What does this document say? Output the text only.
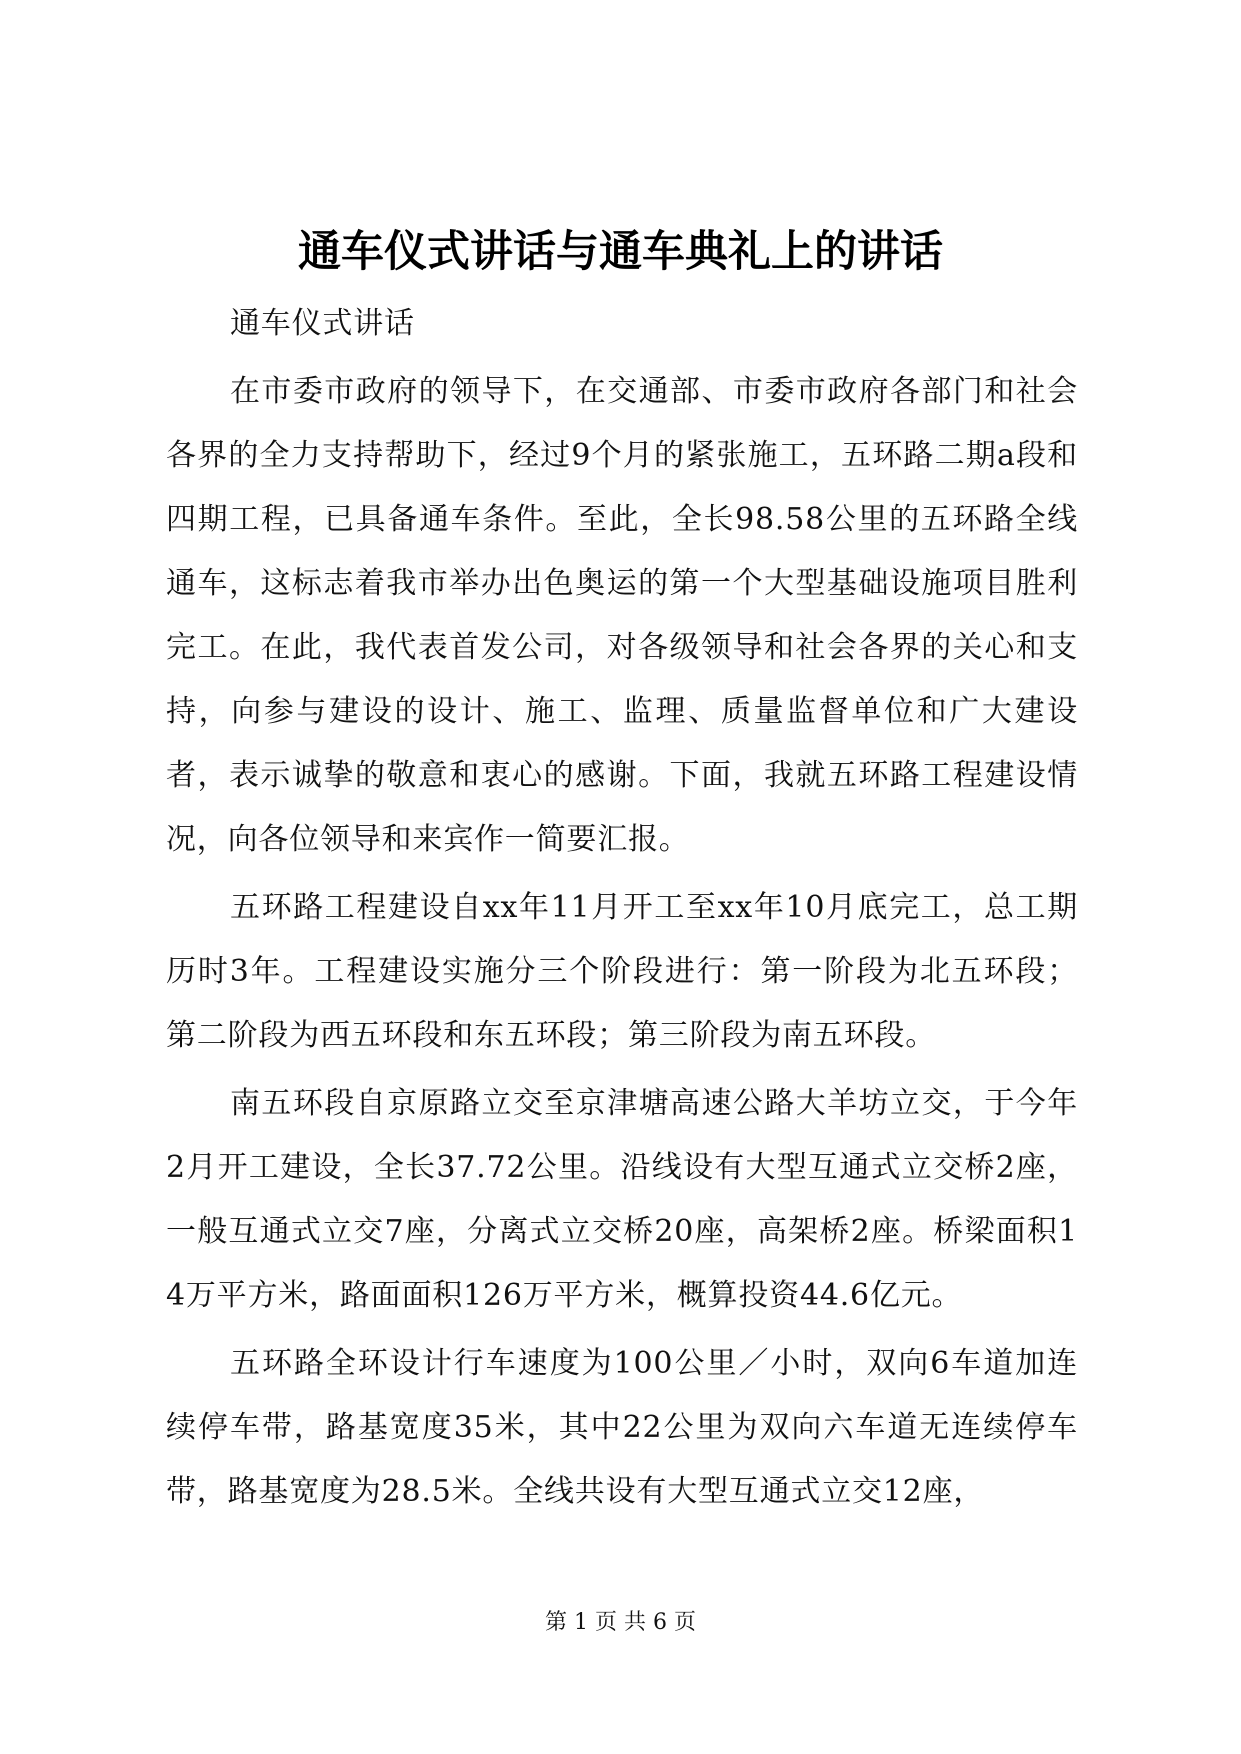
通车仪式讲话与通车典礼上的讲话

通车仪式讲话

在市委市政府的领导下，在交通部、市委市政府各部门和社会各界的全力支持帮助下，经过9个月的紧张施工，五环路二期a段和四期工程，已具备通车条件。至此，全长98.58公里的五环路全线通车，这标志着我市举办出色奥运的第一个大型基础设施项目胜利完工。在此，我代表首发公司，对各级领导和社会各界的关心和支持，向参与建设的设计、施工、监理、质量监督单位和广大建设者，表示诚挚的敬意和衷心的感谢。下面，我就五环路工程建设情况，向各位领导和来宾作一简要汇报。

五环路工程建设自xx年11月开工至xx年10月底完工，总工期历时3年。工程建设实施分三个阶段进行：第一阶段为北五环段；第二阶段为西五环段和东五环段；第三阶段为南五环段。

南五环段自京原路立交至京津塘高速公路大羊坊立交，于今年2月开工建设，全长37.72公里。沿线设有大型互通式立交桥2座，一般互通式立交7座，分离式立交桥20座，高架桥2座。桥梁面积14万平方米，路面面积126万平方米，概算投资44.6亿元。

五环路全环设计行车速度为100公里／小时，双向6车道加连续停车带，路基宽度35米，其中22公里为双向六车道无连续停车带，路基宽度为28.5米。全线共设有大型互通式立交12座，

第 1 页 共 6 页
